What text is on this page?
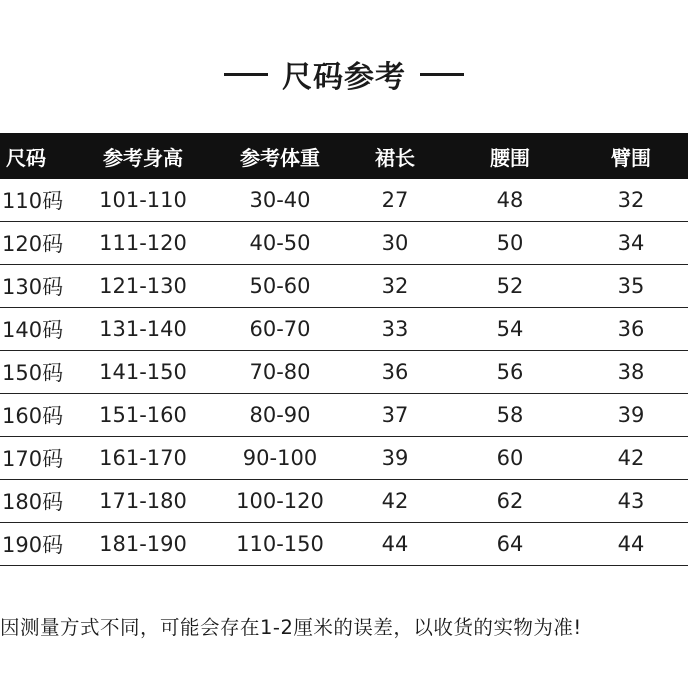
尺码参考
尺码	参考身高	参考体重	裙长	腰围	臂围
110码	101-110	30-40	27	48	32
120码	111-120	40-50	30	50	34
130码	121-130	50-60	32	52	35
140码	131-140	60-70	33	54	36
150码	141-150	70-80	36	56	38
160码	151-160	80-90	37	58	39
170码	161-170	90-100	39	60	42
180码	171-180	100-120	42	62	43
190码	181-190	110-150	44	64	44
因测量方式不同，可能会存在1-2厘米的误差，以收货的实物为准!
